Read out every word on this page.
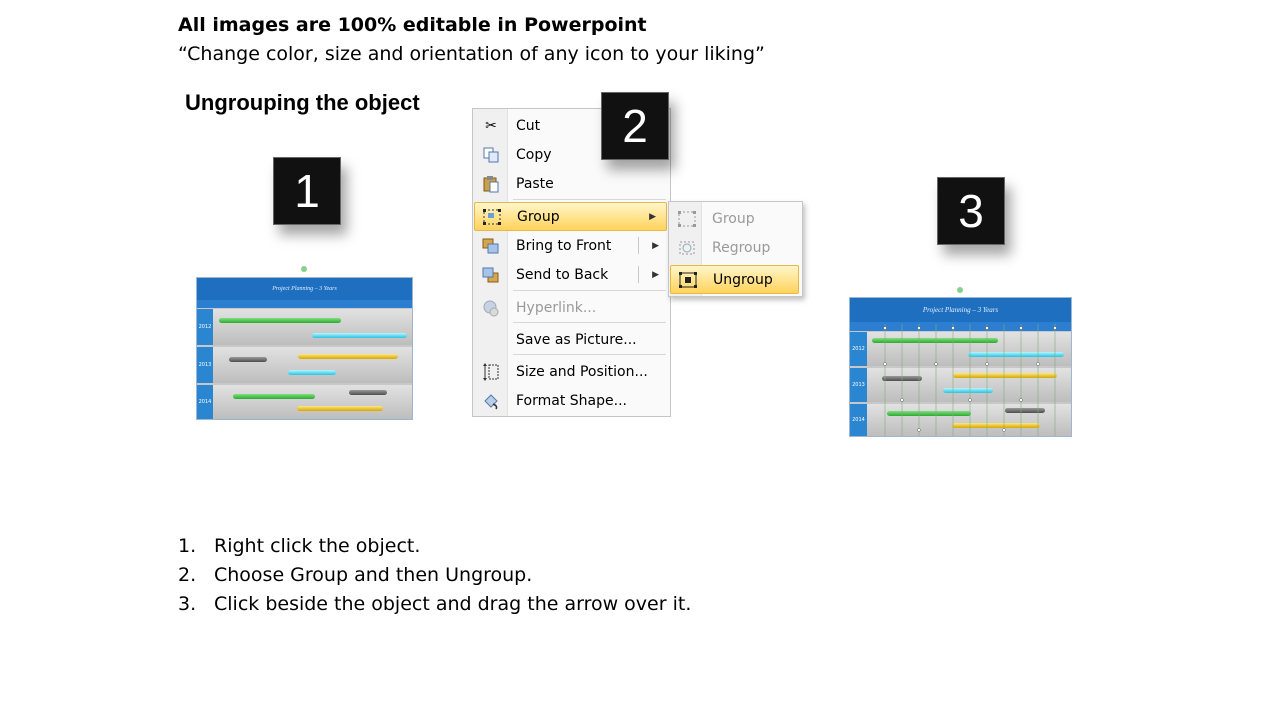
All images are 100% editable in Powerpoint
“Change color, size and orientation of any icon to your liking”
Ungrouping the object
1
2
3
Project Planning – 3 Years
2012
2013
2014
✂ Cut
Copy
Paste
Group	▶
Bring to Front	▶
Send to Back	▶
Hyperlink...
Save as Picture...
Size and Position...
Format Shape...
Group
Regroup
Ungroup
Project Planning – 3 Years
2012
2013
2014
1. Right click the object.
2. Choose Group and then Ungroup.
3. Click beside the object and drag the arrow over it.
